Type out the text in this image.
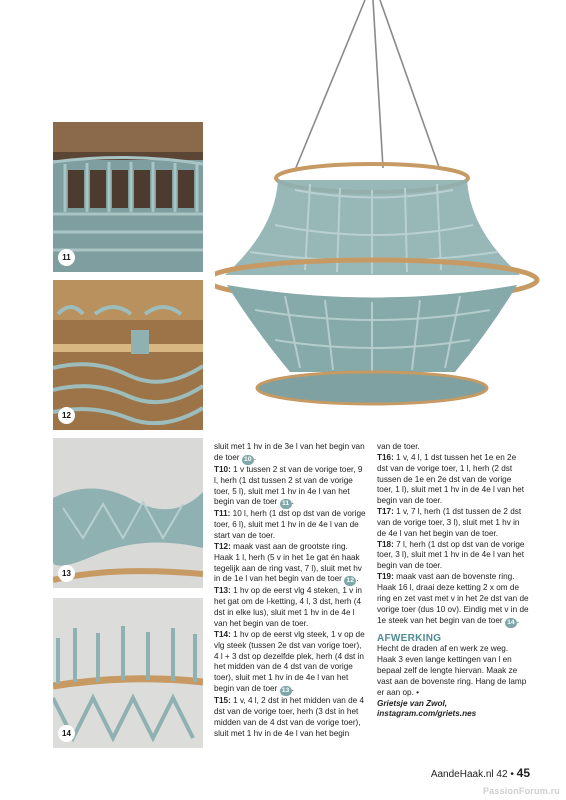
11
12
13
14

sluit met 1 hv in de 3e l van het begin van de toer 10 .

T10: 1 v tussen 2 st van de vorige toer, 9 l, herh (1 dst tussen 2 st van de vorige toer, 5 l), sluit met 1 hv in 4e l van het begin van de toer 11 .

T11: 10 l, herh (1 dst op dst van de vorige toer, 6 l), sluit met 1 hv in de 4e l van de start van de toer.

T12: maak vast aan de grootste ring. Haak 1 l, herh (5 v in het 1e gat én haak tegelijk aan de ring vast, 7 l), sluit met hv in de 1e l van het begin van de toer 12 .

T13: 1 hv op de eerst vlg 4 steken, 1 v in het gat om de l-ketting, 4 l, 3 dst, herh (4 dst in elke lus), sluit met 1 hv in de 4e l van het begin van de toer.

T14: 1 hv op de eerst vlg steek, 1 v op de vlg steek (tussen 2e dst van vorige toer), 4 l + 3 dst op dezelfde plek, herh (4 dst in het midden van de 4 dst van de vorige toer), sluit met 1 hv in de 4e l van het begin van de toer 13 .

T15: 1 v, 4 l, 2 dst in het midden van de 4 dst van de vorige toer, herh (3 dst in het midden van de 4 dst van de vorige toer), sluit met 1 hv in de 4e l van het begin

van de toer.

T16: 1 v, 4 l, 1 dst tussen het 1e en 2e dst van de vorige toer, 1 l, herh (2 dst tussen de 1e en 2e dst van de vorige toer, 1 l), sluit met 1 hv in de 4e l van het begin van de toer.

T17: 1 v, 7 l, herh (1 dst tussen de 2 dst van de vorige toer, 3 l), sluit met 1 hv in de 4e l van het begin van de toer.

T18: 7 l, herh (1 dst op dst van de vorige toer, 3 l), sluit met 1 hv in de 4e l van het begin van de toer.

T19: maak vast aan de bovenste ring. Haak 16 l, draai deze ketting 2 x om de ring en zet vast met v in het 2e dst van de vorige toer (dus 10 ov). Eindig met v in de 1e steek van het begin van de toer 14 .

AFWERKING

Hecht de draden af en werk ze weg. Haak 3 even lange kettingen van l en bepaal zelf de lengte hiervan. Maak ze vast aan de bovenste ring. Hang de lamp er aan op. •

Grietsje van Zwol,

instagram.com/griets.nes

AandeHaak.nl 42 • 45
PassionForum.ru
